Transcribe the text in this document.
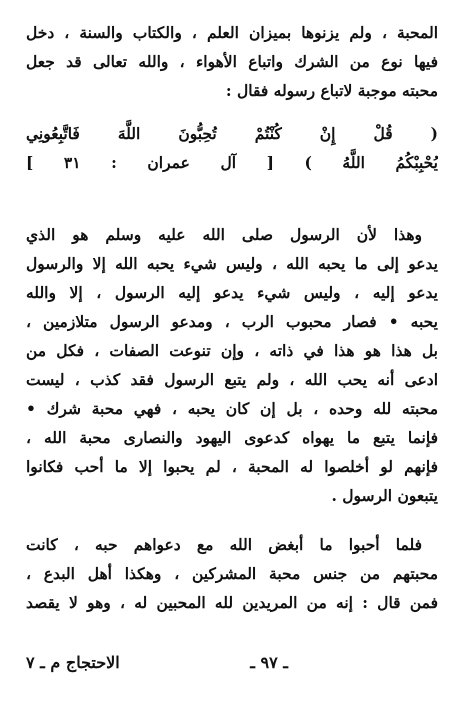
المحبة ، ولم يزنوها بميزان العلم ، والكتاب والسنة ، دخل
فيها نوع من الشرك واتباع الأهواء ، والله تعالى قد جعل
محبته موجبة لاتباع رسوله فقال :
( قُلْ إِنْ كُنْتُمْ تُحِبُّونَ اللَّهَ فَاتَّبِعُونِي
يُحْبِبْكُمُ اللَّهُ ) [ آل عمران : ٣١ ]
وهذا لأن الرسول صلى الله عليه وسلم هو الذي
يدعو إلى ما يحبه الله ، وليس شيء يحبه الله إلا والرسول
يدعو إليه ، وليس شيء يدعو إليه الرسول ، إلا والله
يحبه • فصار محبوب الرب ، ومدعو الرسول متلازمين ،
بل هذا هو هذا في ذاته ، وإن تنوعت الصفات ، فكل من
ادعى أنه يحب الله ، ولم يتبع الرسول فقد كذب ، ليست
محبته لله وحده ، بل إن كان يحبه ، فهي محبة شرك •
فإنما يتبع ما يهواه كدعوى اليهود والنصارى محبة الله ،
فإنهم لو أخلصوا له المحبة ، لم يحبوا إلا ما أحب فكانوا
يتبعون الرسول .
فلما أحبوا ما أبغض الله مع دعواهم حبه ، كانت
محبتهم من جنس محبة المشركين ، وهكذا أهل البدع ،
فمن قال : إنه من المريدين لله المحبين له ، وهو لا يقصد
ـ ٩٧ ـ
الاحتجاج م ـ ٧
